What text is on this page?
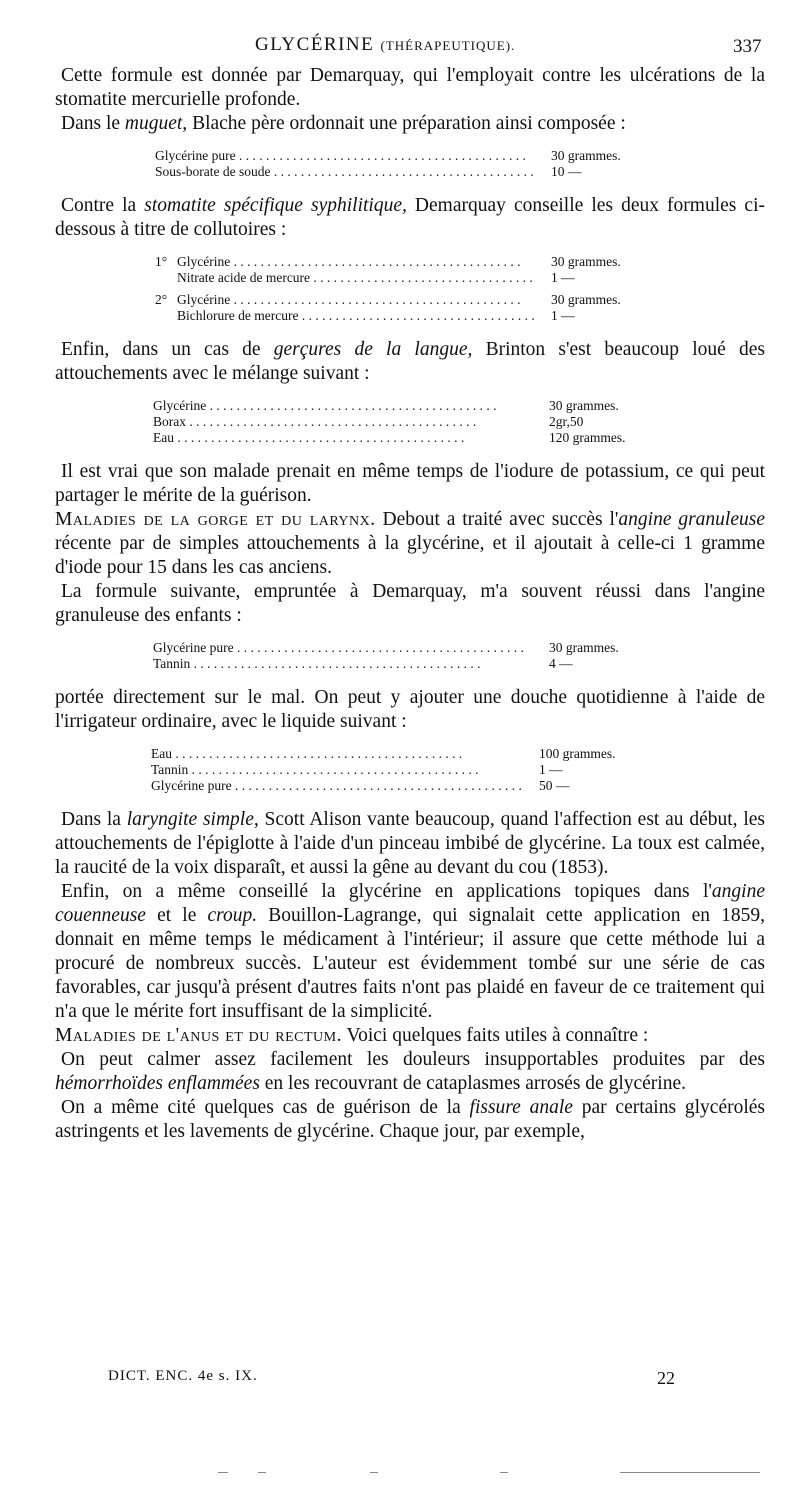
GLYCÉRINE (THÉRAPEUTIQUE).	337

Cette formule est donnée par Demarquay, qui l'employait contre les ulcérations de la stomatite mercurielle profonde.

Dans le muguet, Blache père ordonnait une préparation ainsi composée :

Glycérine pure . . .	30 grammes.
Sous-borate de soude . . .	10 —

Contre la stomatite spécifique syphilitique, Demarquay conseille les deux formules ci-dessous à titre de collutoires :

1° Glycérine . . .	30 grammes.
Nitrate acide de mercure . . .	1 —
2° Glycérine . . .	30 grammes.
Bichlorure de mercure . . .	1 —

Enfin, dans un cas de gerçures de la langue, Brinton s'est beaucoup loué des attouchements avec le mélange suivant :

Glycérine . . .	30 grammes.
Borax . . .	2gr,50
Eau . . .	120 grammes.

Il est vrai que son malade prenait en même temps de l'iodure de potassium, ce qui peut partager le mérite de la guérison.

Maladies de la gorge et du larynx. Debout a traité avec succès l'angine granuleuse récente par de simples attouchements à la glycérine, et il ajoutait à celle-ci 1 gramme d'iode pour 15 dans les cas anciens.

La formule suivante, empruntée à Demarquay, m'a souvent réussi dans l'angine granuleuse des enfants :

Glycérine pure . . .	30 grammes.
Tannin . . .	4 —

portée directement sur le mal. On peut y ajouter une douche quotidienne à l'aide de l'irrigateur ordinaire, avec le liquide suivant :

Eau . . .	100 grammes.
Tannin . . .	1 —
Glycérine pure . . .	50 —

Dans la laryngite simple, Scott Alison vante beaucoup, quand l'affection est au début, les attouchements de l'épiglotte à l'aide d'un pinceau imbibé de glycérine. La toux est calmée, la raucité de la voix disparaît, et aussi la gêne au devant du cou (1853).

Enfin, on a même conseillé la glycérine en applications topiques dans l'angine couenneuse et le croup. Bouillon-Lagrange, qui signalait cette application en 1859, donnait en même temps le médicament à l'intérieur; il assure que cette méthode lui a procuré de nombreux succès. L'auteur est évidemment tombé sur une série de cas favorables, car jusqu'à présent d'autres faits n'ont pas plaidé en faveur de ce traitement qui n'a que le mérite fort insuffisant de la simplicité.

Maladies de l'anus et du rectum. Voici quelques faits utiles à connaître :

On peut calmer assez facilement les douleurs insupportables produites par des hémorrhoïdes enflammées en les recouvrant de cataplasmes arrosés de glycérine.

On a même cité quelques cas de guérison de la fissure anale par certains glycérolés astringents et les lavements de glycérine. Chaque jour, par exemple,

DICT. ENC. 4e s. IX.	22
